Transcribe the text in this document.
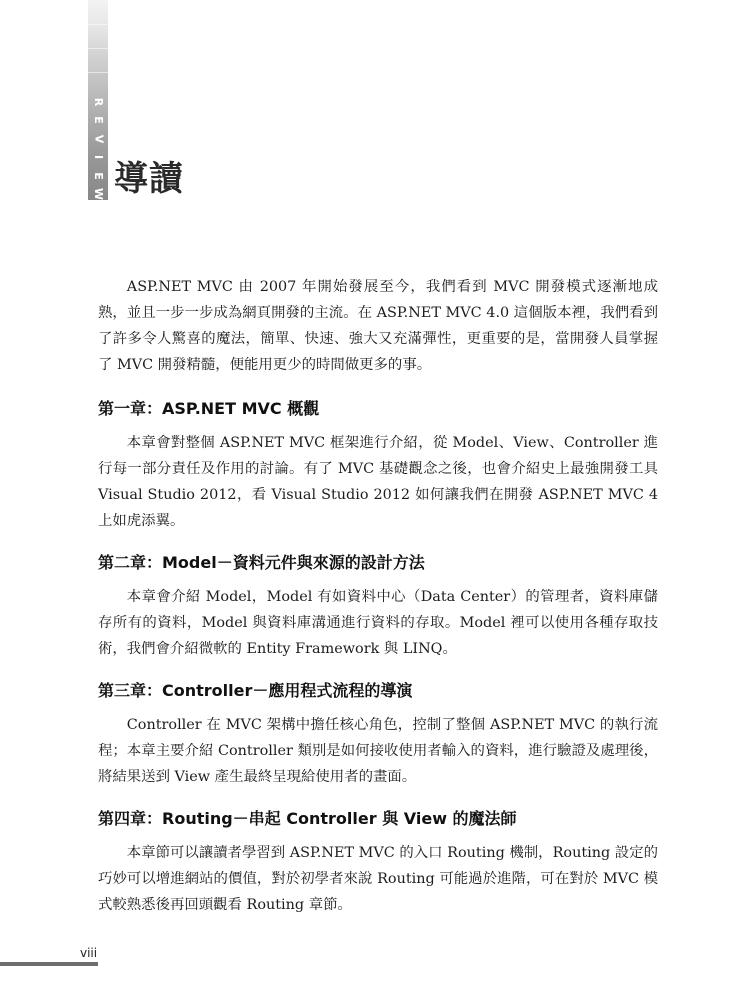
R
E
V
I
E
W 導讀

ASP.NET MVC 由 2007 年開始發展至今，我們看到 MVC 開發模式逐漸地成熟，並且一步一步成為網頁開發的主流。在 ASP.NET MVC 4.0 這個版本裡，我們看到了許多令人驚喜的魔法，簡單、快速、強大又充滿彈性，更重要的是，當開發人員掌握了 MVC 開發精髓，便能用更少的時間做更多的事。

第一章：ASP.NET MVC 概觀

本章會對整個 ASP.NET MVC 框架進行介紹，從 Model、View、Controller 進行每一部分責任及作用的討論。有了 MVC 基礎觀念之後，也會介紹史上最強開發工具 Visual Studio 2012，看 Visual Studio 2012 如何讓我們在開發 ASP.NET MVC 4 上如虎添翼。

第二章：Model－資料元件與來源的設計方法

本章會介紹 Model，Model 有如資料中心（Data Center）的管理者，資料庫儲存所有的資料，Model 與資料庫溝通進行資料的存取。Model 裡可以使用各種存取技術，我們會介紹微軟的 Entity Framework 與 LINQ。

第三章：Controller－應用程式流程的導演

Controller 在 MVC 架構中擔任核心角色，控制了整個 ASP.NET MVC 的執行流程；本章主要介紹 Controller 類別是如何接收使用者輸入的資料，進行驗證及處理後，將結果送到 View 產生最終呈現給使用者的畫面。

第四章：Routing－串起 Controller 與 View 的魔法師

本章節可以讓讀者學習到 ASP.NET MVC 的入口 Routing 機制，Routing 設定的巧妙可以增進網站的價值，對於初學者來說 Routing 可能過於進階，可在對於 MVC 模式較熟悉後再回頭觀看 Routing 章節。

viii
